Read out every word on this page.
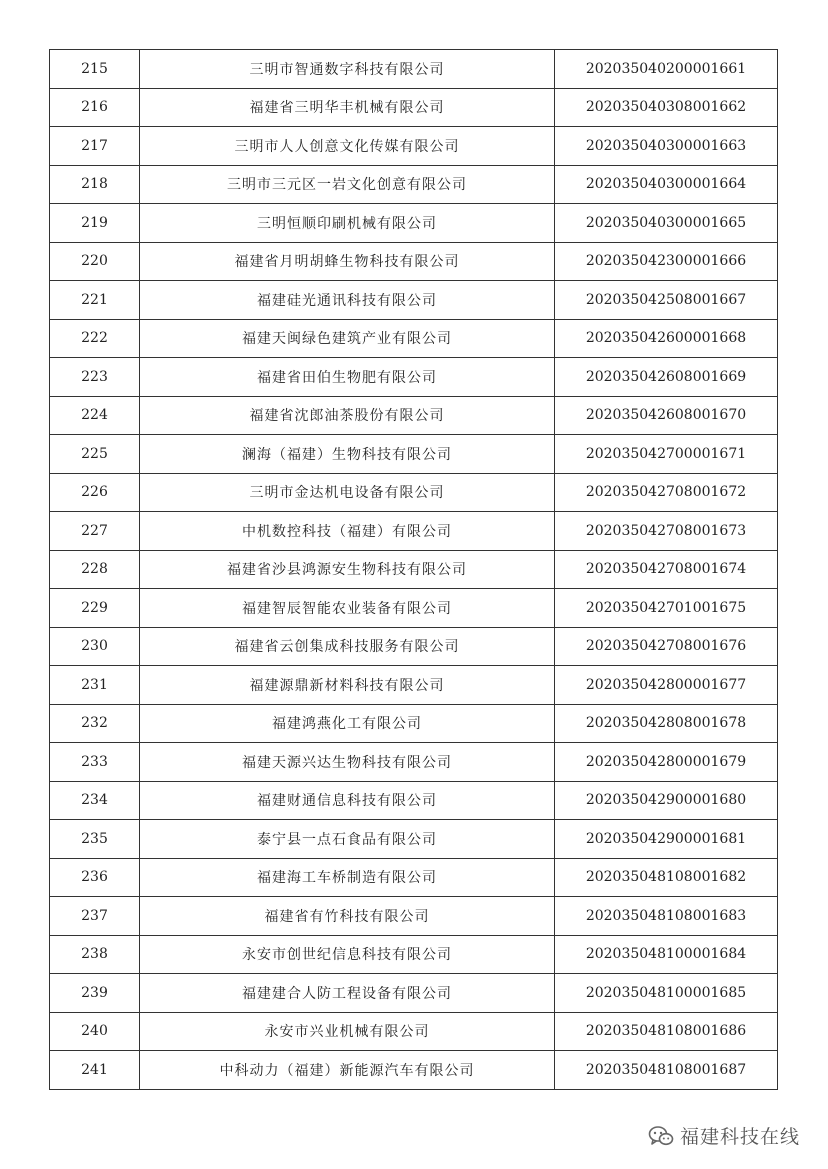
215	三明市智通数字科技有限公司	202035040200001661
216	福建省三明华丰机械有限公司	202035040308001662
217	三明市人人创意文化传媒有限公司	202035040300001663
218	三明市三元区一岩文化创意有限公司	202035040300001664
219	三明恒顺印刷机械有限公司	202035040300001665
220	福建省月明胡蜂生物科技有限公司	202035042300001666
221	福建硅光通讯科技有限公司	202035042508001667
222	福建天闽绿色建筑产业有限公司	202035042600001668
223	福建省田伯生物肥有限公司	202035042608001669
224	福建省沈郎油茶股份有限公司	202035042608001670
225	澜海（福建）生物科技有限公司	202035042700001671
226	三明市金达机电设备有限公司	202035042708001672
227	中机数控科技（福建）有限公司	202035042708001673
228	福建省沙县鸿源安生物科技有限公司	202035042708001674
229	福建智辰智能农业装备有限公司	202035042701001675
230	福建省云创集成科技服务有限公司	202035042708001676
231	福建源鼎新材料科技有限公司	202035042800001677
232	福建鸿燕化工有限公司	202035042808001678
233	福建天源兴达生物科技有限公司	202035042800001679
234	福建财通信息科技有限公司	202035042900001680
235	泰宁县一点石食品有限公司	202035042900001681
236	福建海工车桥制造有限公司	202035048108001682
237	福建省有竹科技有限公司	202035048108001683
238	永安市创世纪信息科技有限公司	202035048100001684
239	福建建合人防工程设备有限公司	202035048100001685
240	永安市兴业机械有限公司	202035048108001686
241	中科动力（福建）新能源汽车有限公司	202035048108001687
福建科技在线
